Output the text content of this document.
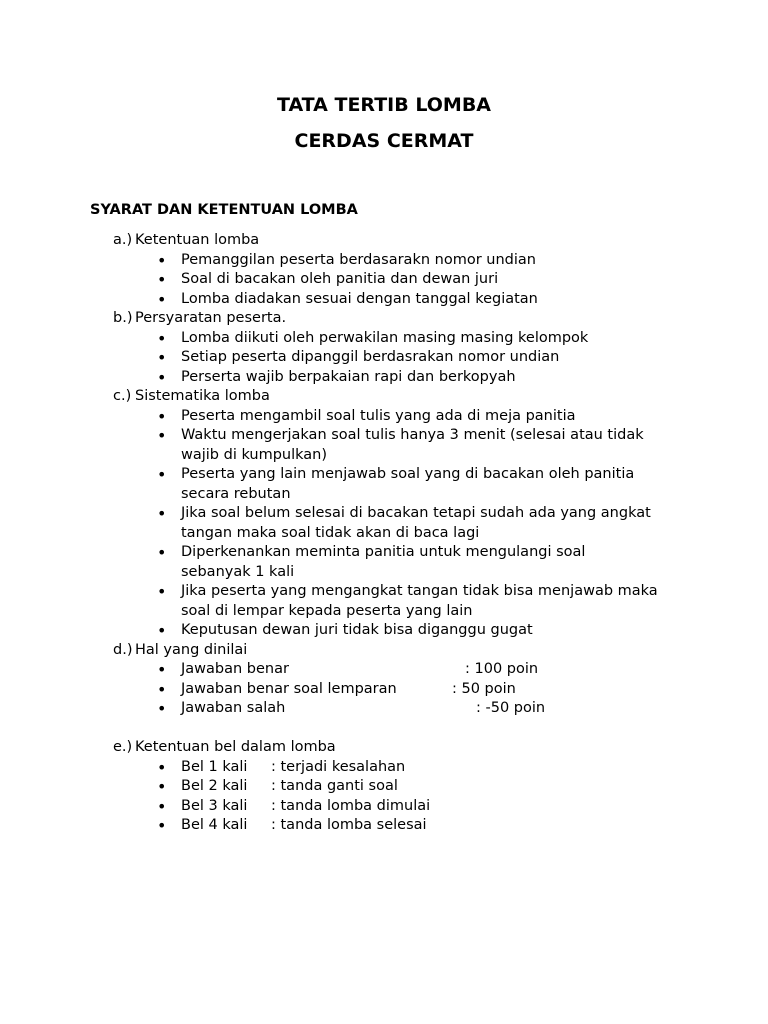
TATA TERTIB LOMBA
CERDAS CERMAT
SYARAT DAN KETENTUAN LOMBA
a.) Ketentuan lomba
• Pemanggilan peserta berdasarakn nomor undian
• Soal di bacakan oleh panitia dan dewan juri
• Lomba diadakan sesuai dengan tanggal kegiatan
b.) Persyaratan peserta.
• Lomba diikuti oleh perwakilan masing masing kelompok
• Setiap peserta dipanggil berdasrakan nomor undian
• Perserta wajib berpakaian rapi dan berkopyah
c.) Sistematika lomba
• Peserta mengambil soal tulis yang ada di meja panitia
• Waktu mengerjakan soal tulis hanya 3 menit (selesai atau tidak
wajib di kumpulkan)
• Peserta yang lain menjawab soal yang di bacakan oleh panitia
secara rebutan
• Jika soal belum selesai di bacakan tetapi sudah ada yang angkat
tangan maka soal tidak akan di baca lagi
• Diperkenankan meminta panitia untuk mengulangi soal
sebanyak 1 kali
• Jika peserta yang mengangkat tangan tidak bisa menjawab maka
soal di lempar kepada peserta yang lain
• Keputusan dewan juri tidak bisa diganggu gugat
d.) Hal yang dinilai
• Jawaban benar	: 100 poin
• Jawaban benar soal lemparan	: 50 poin
• Jawaban salah	: -50 poin
e.) Ketentuan bel dalam lomba
• Bel 1 kali : terjadi kesalahan
• Bel 2 kali : tanda ganti soal
• Bel 3 kali : tanda lomba dimulai
• Bel 4 kali : tanda lomba selesai
